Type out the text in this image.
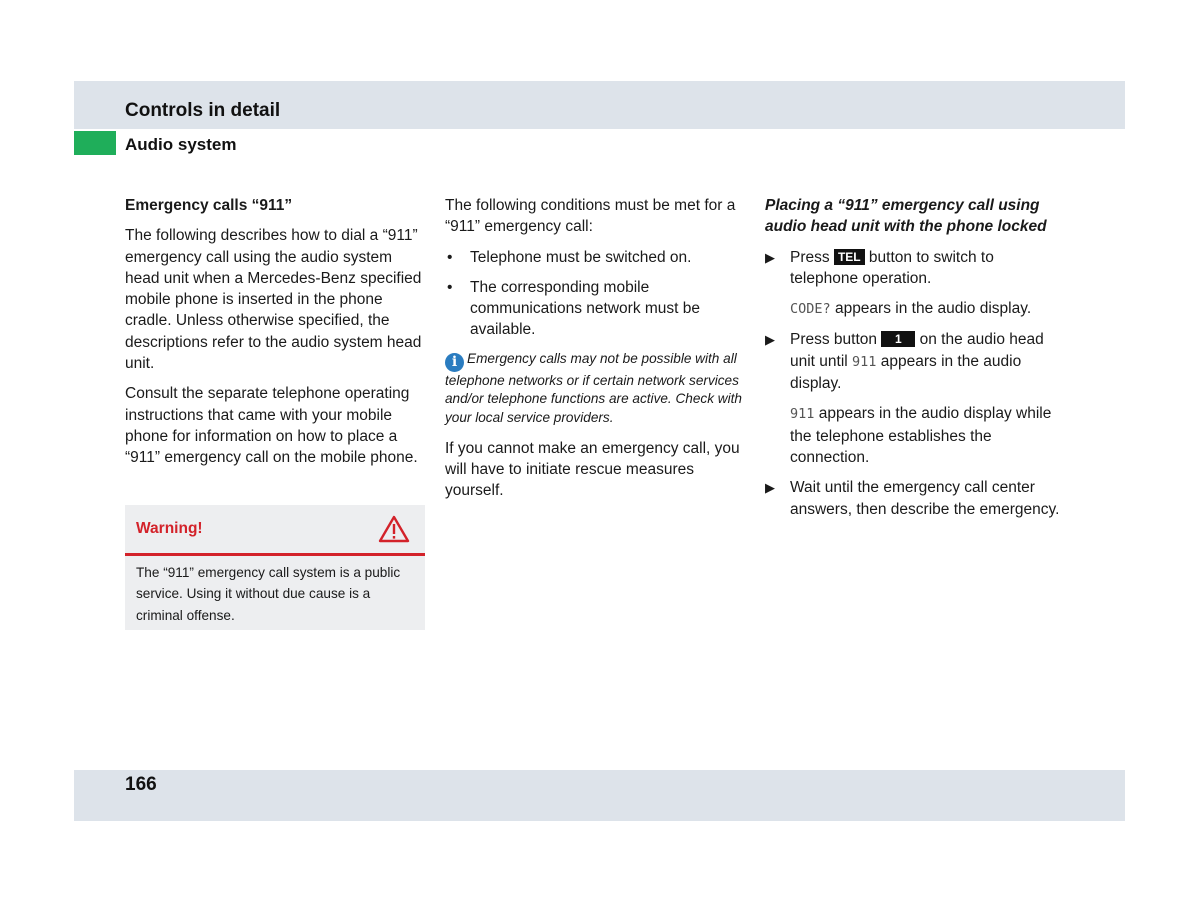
Controls in detail
Audio system

Emergency calls “911”

The following describes how to dial a “911” emergency call using the audio system head unit when a Mercedes-Benz specified mobile phone is inserted in the phone cradle. Unless otherwise specified, the descriptions refer to the audio system head unit.

Consult the separate telephone operating instructions that came with your mobile phone for information on how to place a “911” emergency call on the mobile phone.

Warning!
The “911” emergency call system is a public service. Using it without due cause is a criminal offense.

The following conditions must be met for a “911” emergency call:

• Telephone must be switched on.
• The corresponding mobile communications network must be available.

i Emergency calls may not be possible with all telephone networks or if certain network services and/or telephone functions are active. Check with your local service providers.

If you cannot make an emergency call, you will have to initiate rescue measures yourself.

Placing a “911” emergency call using audio head unit with the phone locked

▶ Press TEL button to switch to telephone operation.

CODE? appears in the audio display.

▶ Press button 1 on the audio head unit until 911 appears in the audio display.

911 appears in the audio display while the telephone establishes the connection.

▶ Wait until the emergency call center answers, then describe the emergency.
166
